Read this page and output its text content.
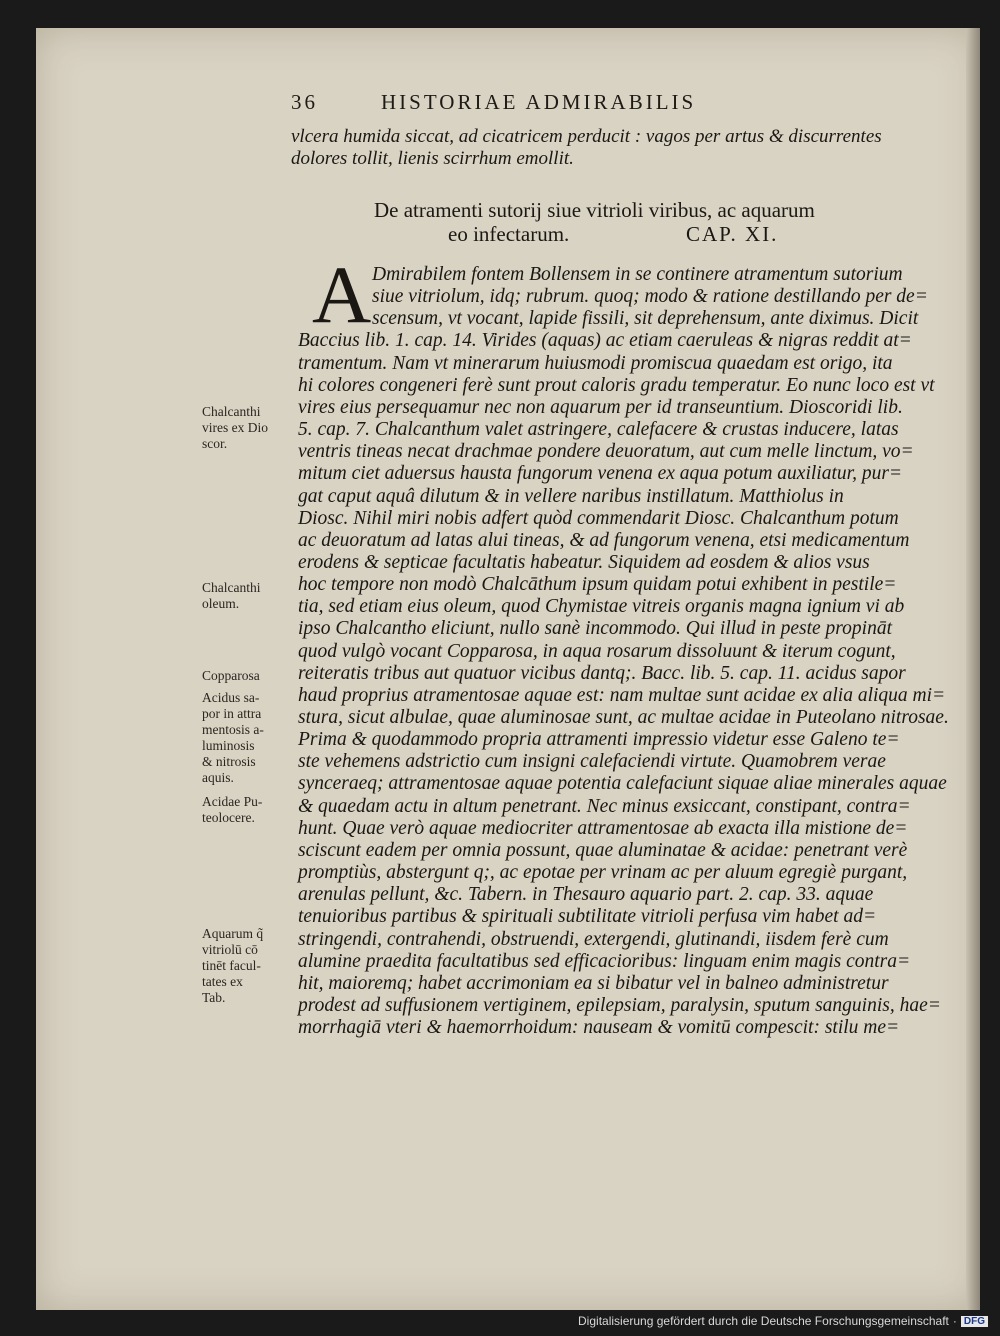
36	HISTORIAE ADMIRABILIS
vlcera humida siccat, ad cicatricem perducit : vagos per artus & discurrentes
dolores tollit, lienis scirrhum emollit.
De atramenti sutorij siue vitrioli viribus, ac aquarum
eo infectarum.	CAP. XI.
A Dmirabilem fontem Bollensem in se continere atramentum sutorium
siue vitriolum, idq; rubrum. quoq; modo & ratione destillando per de=
scensum, vt vocant, lapide fissili, sit deprehensum, ante diximus. Dicit
Baccius lib. 1. cap. 14. Virides (aquas) ac etiam caeruleas & nigras reddit at=
tramentum. Nam vt minerarum huiusmodi promiscua quaedam est origo, ita
hi colores congeneri ferè sunt prout caloris gradu temperatur. Eo nunc loco est vt
vires eius persequamur nec non aquarum per id transeuntium. Dioscoridi lib.
5. cap. 7. Chalcanthum valet astringere, calefacere & crustas inducere, latas
ventris tineas necat drachmae pondere deuoratum, aut cum melle linctum, vo=
mitum ciet aduersus hausta fungorum venena ex aqua potum auxiliatur, pur=
gat caput aquâ dilutum & in vellere naribus instillatum. Matthiolus in
Diosc. Nihil miri nobis adfert quòd commendarit Diosc. Chalcanthum potum
ac deuoratum ad latas alui tineas, & ad fungorum venena, etsi medicamentum
erodens & septicae facultatis habeatur. Siquidem ad eosdem & alios vsus
hoc tempore non modò Chalcāthum ipsum quidam potui exhibent in pestile=
tia, sed etiam eius oleum, quod Chymistae vitreis organis magna ignium vi ab
ipso Chalcantho eliciunt, nullo sanè incommodo. Qui illud in peste propināt
quod vulgò vocant Copparosa, in aqua rosarum dissoluunt & iterum cogunt,
reiteratis tribus aut quatuor vicibus dantq;. Bacc. lib. 5. cap. 11. acidus sapor
haud proprius atramentosae aquae est: nam multae sunt acidae ex alia aliqua mi=
stura, sicut albulae, quae aluminosae sunt, ac multae acidae in Puteolano nitrosae.
Prima & quodammodo propria attramenti impressio videtur esse Galeno te=
ste vehemens adstrictio cum insigni calefaciendi virtute. Quamobrem verae
synceraeq; attramentosae aquae potentia calefaciunt siquae aliae minerales aquae
& quaedam actu in altum penetrant. Nec minus exsiccant, constipant, contra=
hunt. Quae verò aquae mediocriter attramentosae ab exacta illa mistione de=
sciscunt eadem per omnia possunt, quae aluminatae & acidae: penetrant verè
promptiùs, abstergunt q;, ac epotae per vrinam ac per aluum egregiè purgant,
arenulas pellunt, &c. Tabern. in Thesauro aquario part. 2. cap. 33. aquae
tenuioribus partibus & spirituali subtilitate vitrioli perfusa vim habet ad=
stringendi, contrahendi, obstruendi, extergendi, glutinandi, iisdem ferè cum
alumine praedita facultatibus sed efficacioribus: linguam enim magis contra=
hit, maioremq; habet accrimoniam ea si bibatur vel in balneo administretur
prodest ad suffusionem vertiginem, epilepsiam, paralysin, sputum sanguinis, hae=
morrhagiā vteri & haemorrhoidum: nauseam & vomitū compescit: stilu me=
Chalcanthi
vires ex Dio
scor.
Chalcanthi
oleum.
Copparosa
Acidus sa-
por in attra
mentosis a-
luminosis
& nitrosis
aquis.
Acidae Pu-
teolocere.
Aquarum q̃
vitriolū cō
tinēt facul-
tates ex
Tab.
Digitalisierung gefördert durch die Deutsche Forschungsgemeinschaft · DFG
